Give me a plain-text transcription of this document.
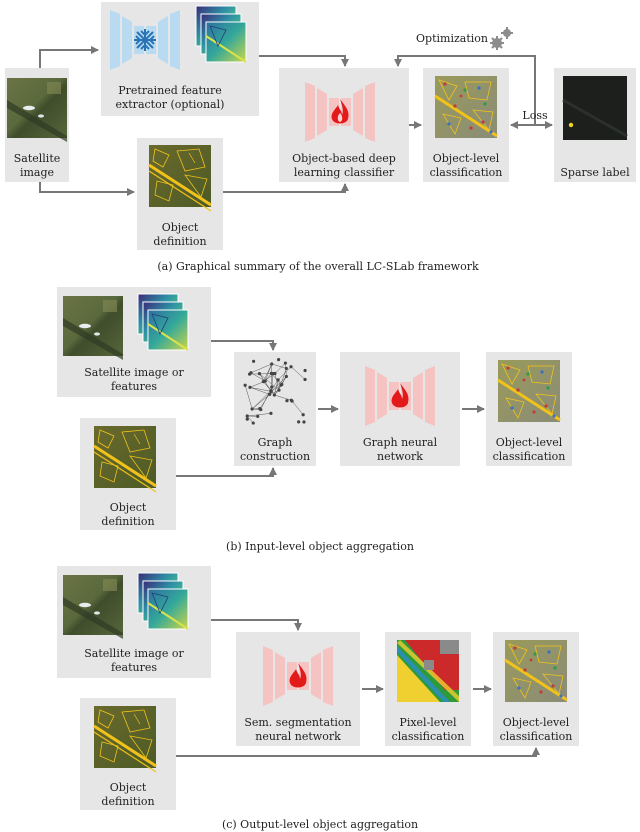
Satellite
image
Pretrained feature
extractor (optional)
Object
definition
Object-based deep
learning classifier
Object-level
classification	Sparse label
Optimization
Loss
(a) Graphical summary of the overall LC-SLab framework
Satellite image or
features
Object
definition
Graph
construction
Graph neural
network
Object-level
classification
(b) Input-level object aggregation
Satellite image or
features
Object
definition
Sem. segmentation
neural network
Pixel-level
classification
Object-level
classification
(c) Output-level object aggregation
